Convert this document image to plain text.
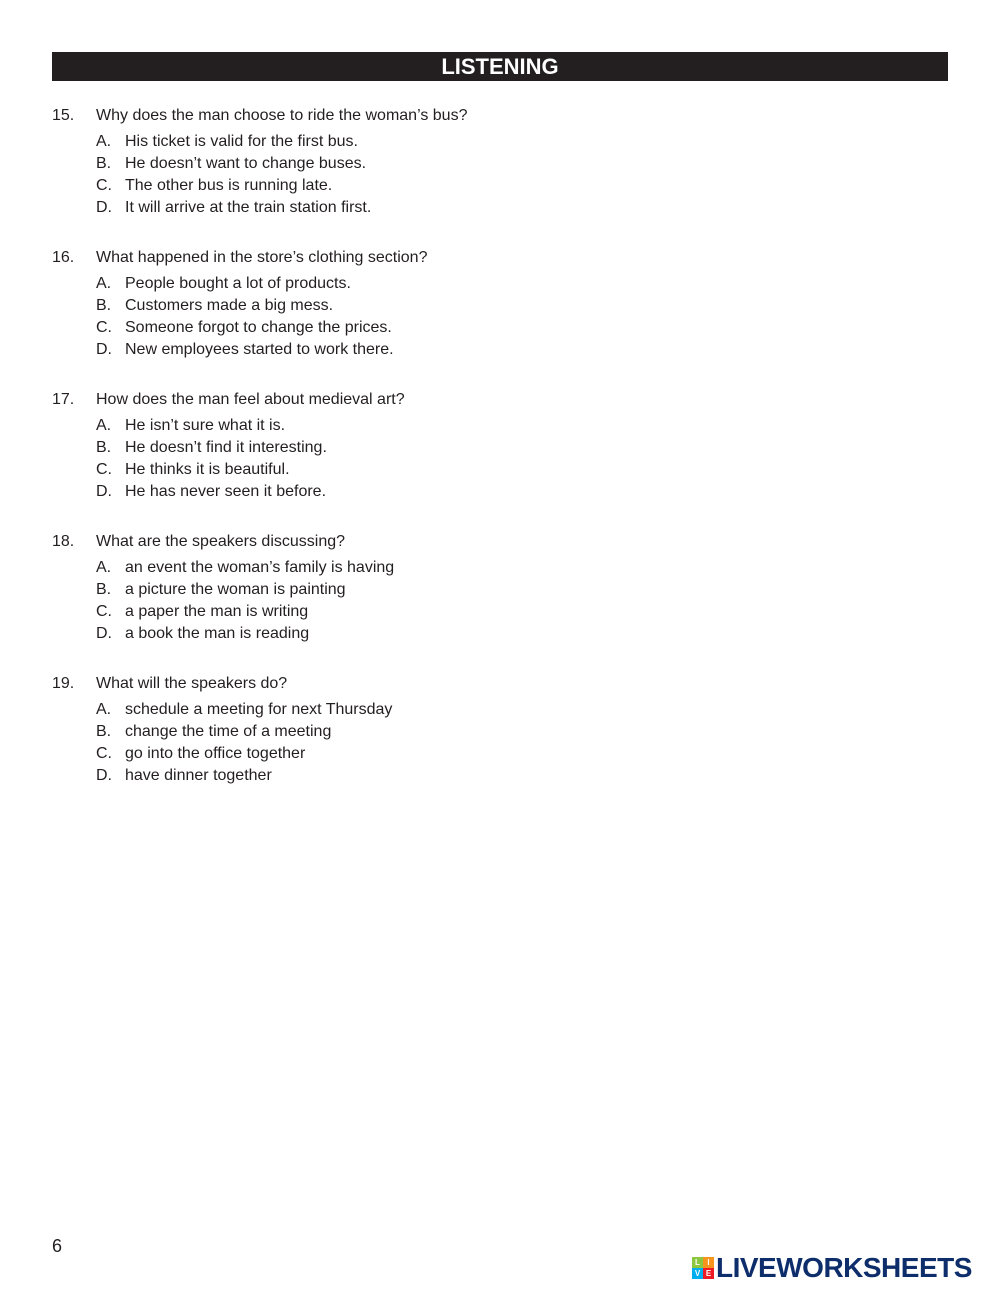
LISTENING
15.	Why does the man choose to ride the woman’s bus?
A. His ticket is valid for the first bus.
B. He doesn’t want to change buses.
C. The other bus is running late.
D. It will arrive at the train station first.
16.	What happened in the store’s clothing section?
A. People bought a lot of products.
B. Customers made a big mess.
C. Someone forgot to change the prices.
D. New employees started to work there.
17.	How does the man feel about medieval art?
A. He isn’t sure what it is.
B. He doesn’t find it interesting.
C. He thinks it is beautiful.
D. He has never seen it before.
18.	What are the speakers discussing?
A. an event the woman’s family is having
B. a picture the woman is painting
C. a paper the man is writing
D. a book the man is reading
19.	What will the speakers do?
A. schedule a meeting for next Thursday
B. change the time of a meeting
C. go into the office together
D. have dinner together
6
L I
V E LIVEWORKSHEETS
